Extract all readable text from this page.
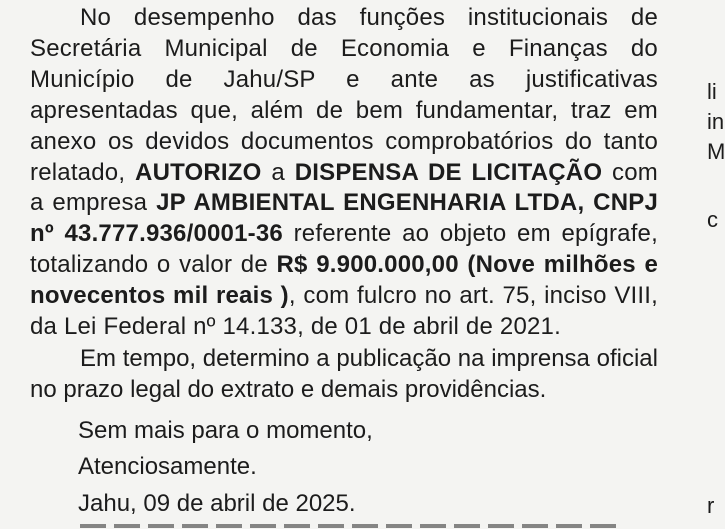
No desempenho das funções institucionais de Secretária Municipal de Economia e Finanças do Município de Jahu/SP e ante as justificativas apresentadas que, além de bem fundamentar, traz em anexo os devidos documentos comprobatórios do tanto relatado, AUTORIZO a DISPENSA DE LICITAÇÃO com a empresa JP AMBIENTAL ENGENHARIA LTDA, CNPJ nº 43.777.936/0001-36 referente ao objeto em epígrafe, totalizando o valor de R$ 9.900.000,00 (Nove milhões e novecentos mil reais ), com fulcro no art. 75, inciso VIII, da Lei Federal nº 14.133, de 01 de abril de 2021.

Em tempo, determino a publicação na imprensa oficial no prazo legal do extrato e demais providências.

Sem mais para o momento,

Atenciosamente.

Jahu, 09 de abril de 2025.

li
in
M
c
r
